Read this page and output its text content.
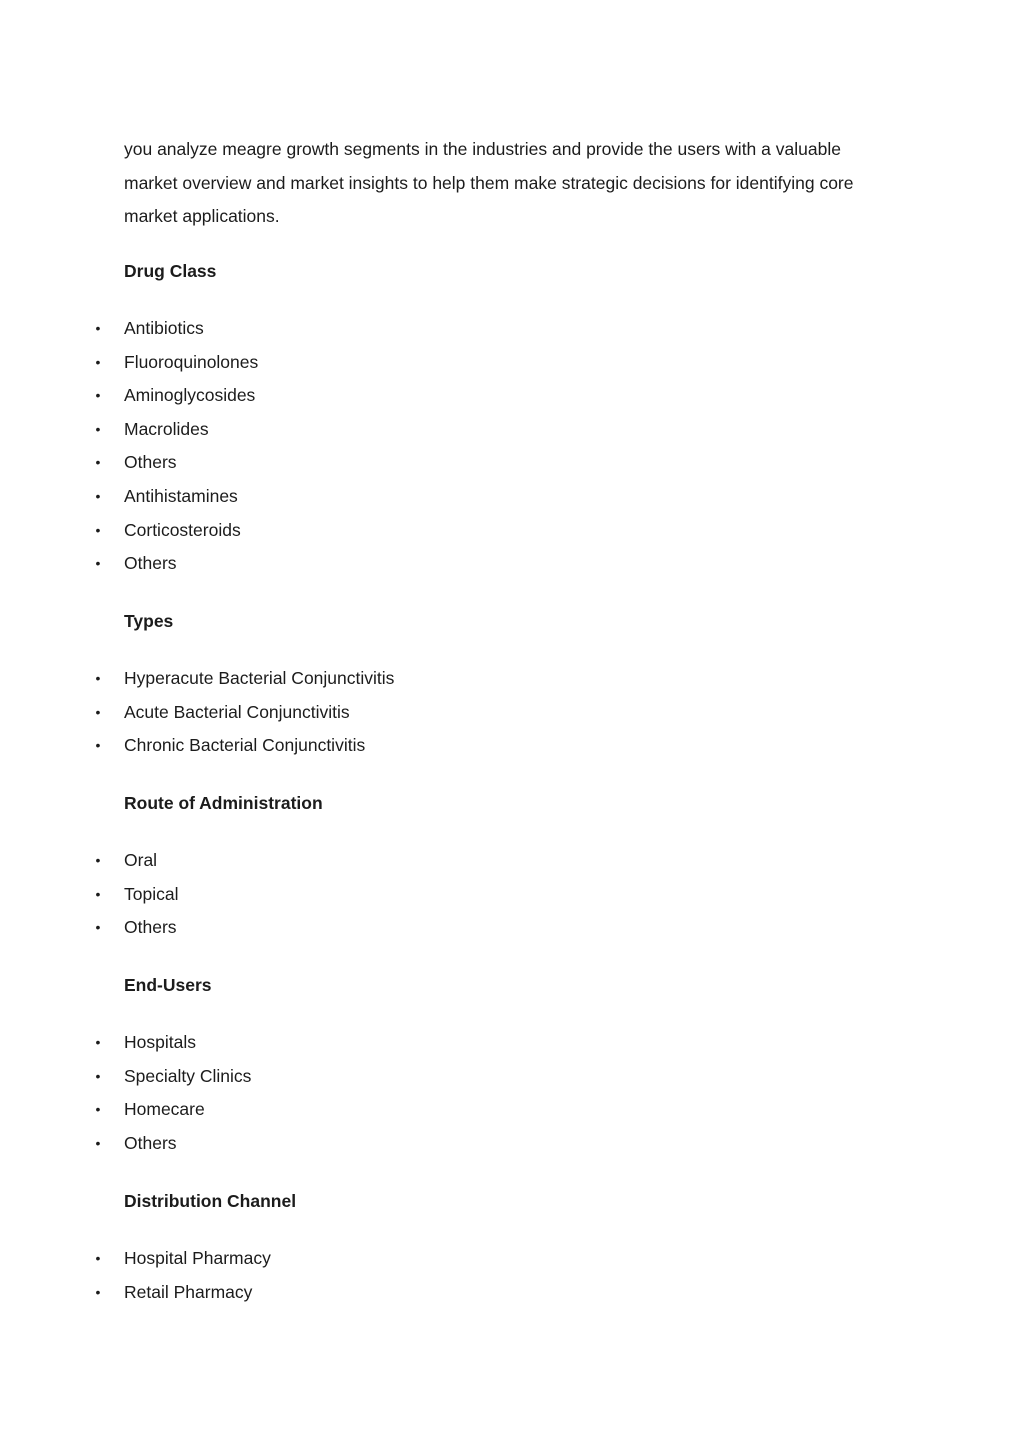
you analyze meagre growth segments in the industries and provide the users with a valuable
market overview and market insights to help them make strategic decisions for identifying core
market applications.
Drug Class
• Antibiotics
• Fluoroquinolones
• Aminoglycosides
• Macrolides
• Others
• Antihistamines
• Corticosteroids
• Others
Types
• Hyperacute Bacterial Conjunctivitis
• Acute Bacterial Conjunctivitis
• Chronic Bacterial Conjunctivitis
Route of Administration
• Oral
• Topical
• Others
End-Users
• Hospitals
• Specialty Clinics
• Homecare
• Others
Distribution Channel
• Hospital Pharmacy
• Retail Pharmacy
